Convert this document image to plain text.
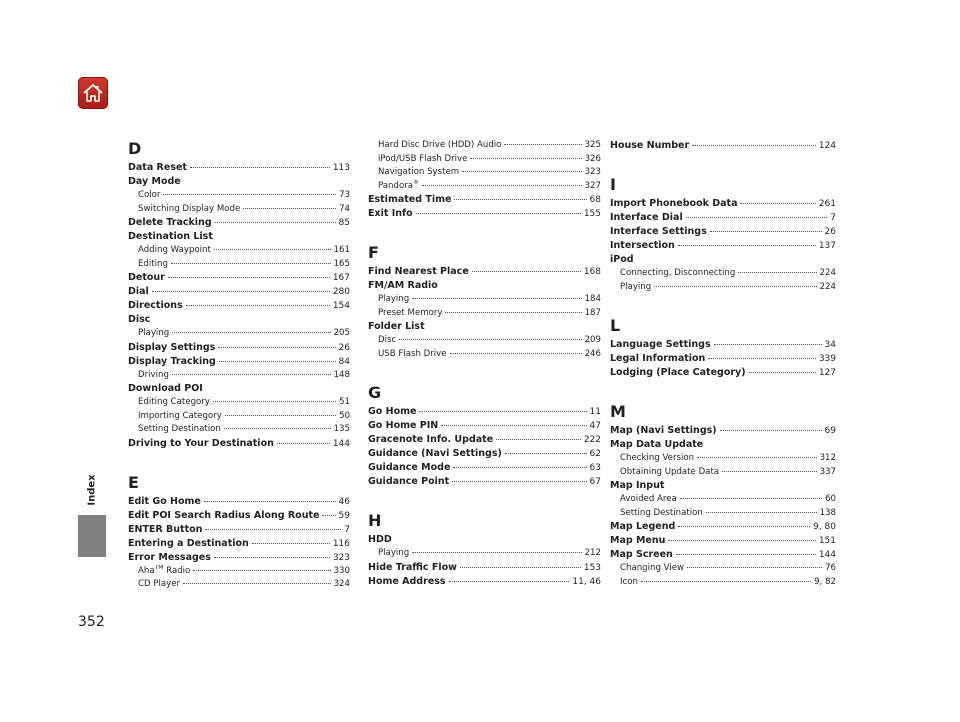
Index
352
D
Data Reset	113
Day Mode
Color	73
Switching Display Mode	74
Delete Tracking	85
Destination List
Adding Waypoint	161
Editing	165
Detour	167
Dial	280
Directions	154
Disc
Playing	205
Display Settings	26
Display Tracking	84
Driving	148
Download POI
Editing Category	51
Importing Category	50
Setting Destination	135
Driving to Your Destination	144
E
Edit Go Home	46
Edit POI Search Radius Along Route 59
ENTER Button	7
Entering a Destination	116
Error Messages	323
Aha™ Radio	330
CD Player	324
Hard Disc Drive (HDD) Audio	325
iPod/USB Flash Drive	326
Navigation System	323
Pandora®	327
Estimated Time	68
Exit Info	155
F
Find Nearest Place	168
FM/AM Radio
Playing	184
Preset Memory	187
Folder List
Disc	209
USB Flash Drive	246
G
Go Home	11
Go Home PIN	47
Gracenote Info. Update	222
Guidance (Navi Settings)	62
Guidance Mode	63
Guidance Point	67
H
HDD
Playing	212
Hide Traffic Flow	153
Home Address	11, 46
House Number	124
I
Import Phonebook Data	261
Interface Dial	7
Interface Settings	26
Intersection	137
iPod
Connecting, Disconnecting	224
Playing	224
L
Language Settings	34
Legal Information	339
Lodging (Place Category)	127
M
Map (Navi Settings)	69
Map Data Update
Checking Version	312
Obtaining Update Data	337
Map Input
Avoided Area	60
Setting Destination	138
Map Legend	9, 80
Map Menu	151
Map Screen	144
Changing View	76
Icon	9, 82
